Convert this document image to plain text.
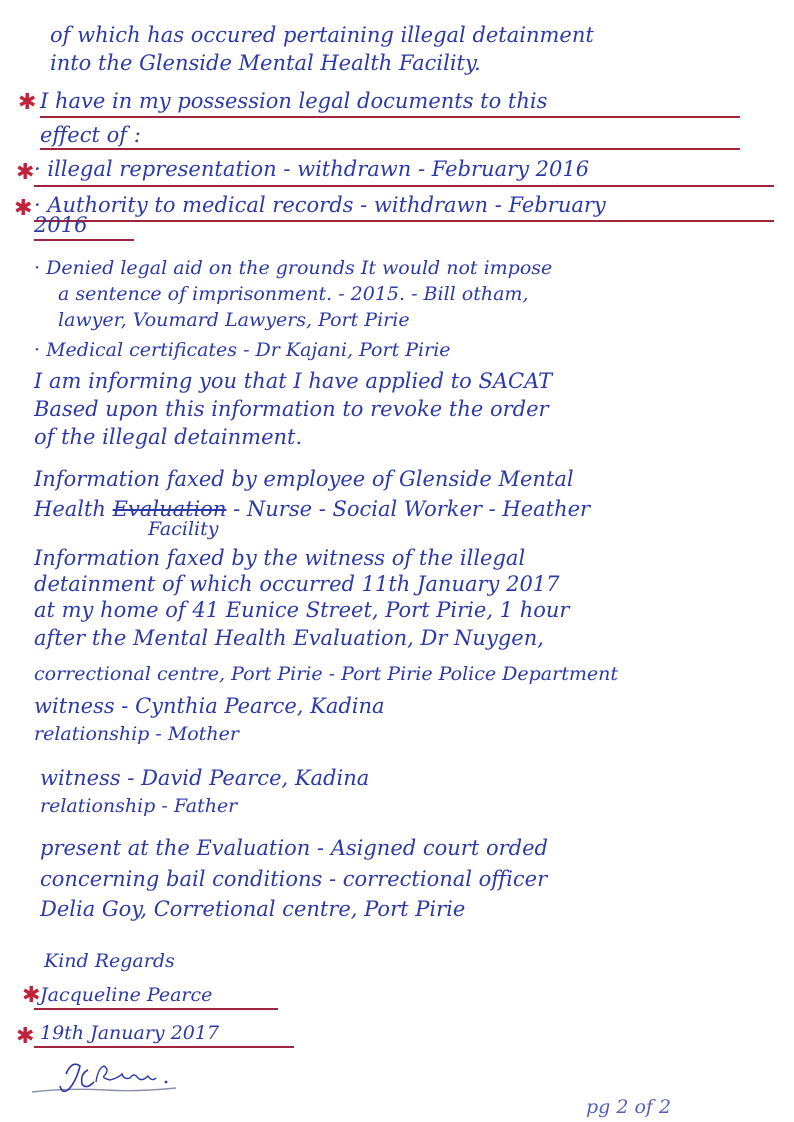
of which has occured pertaining illegal detainment
into the Glenside Mental Health Facility.
✱ I have in my possession legal documents to this
effect of :
✱ · illegal representation - withdrawn - February 2016
✱ · Authority to medical records - withdrawn - February
2016
· Denied legal aid on the grounds It would not impose
a sentence of imprisonment. - 2015. - Bill otham,
lawyer, Voumard Lawyers, Port Pirie
· Medical certificates - Dr Kajani, Port Pirie
I am informing you that I have applied to SACAT
Based upon this information to revoke the order
of the illegal detainment.
Information faxed by employee of Glenside Mental
Health Evaluation - Nurse - Social Worker - Heather
Facility
Information faxed by the witness of the illegal
detainment of which occurred 11th January 2017
at my home of 41 Eunice Street, Port Pirie, 1 hour
after the Mental Health Evaluation, Dr Nuygen,
correctional centre, Port Pirie - Port Pirie Police Department
witness - Cynthia Pearce, Kadina
relationship - Mother
witness - David Pearce, Kadina
relationship - Father
present at the Evaluation - Asigned court orded
concerning bail conditions - correctional officer
Delia Goy, Corretional centre, Port Pirie
Kind Regards
✱ Jacqueline Pearce
✱ 19th January 2017
pg 2 of 2
